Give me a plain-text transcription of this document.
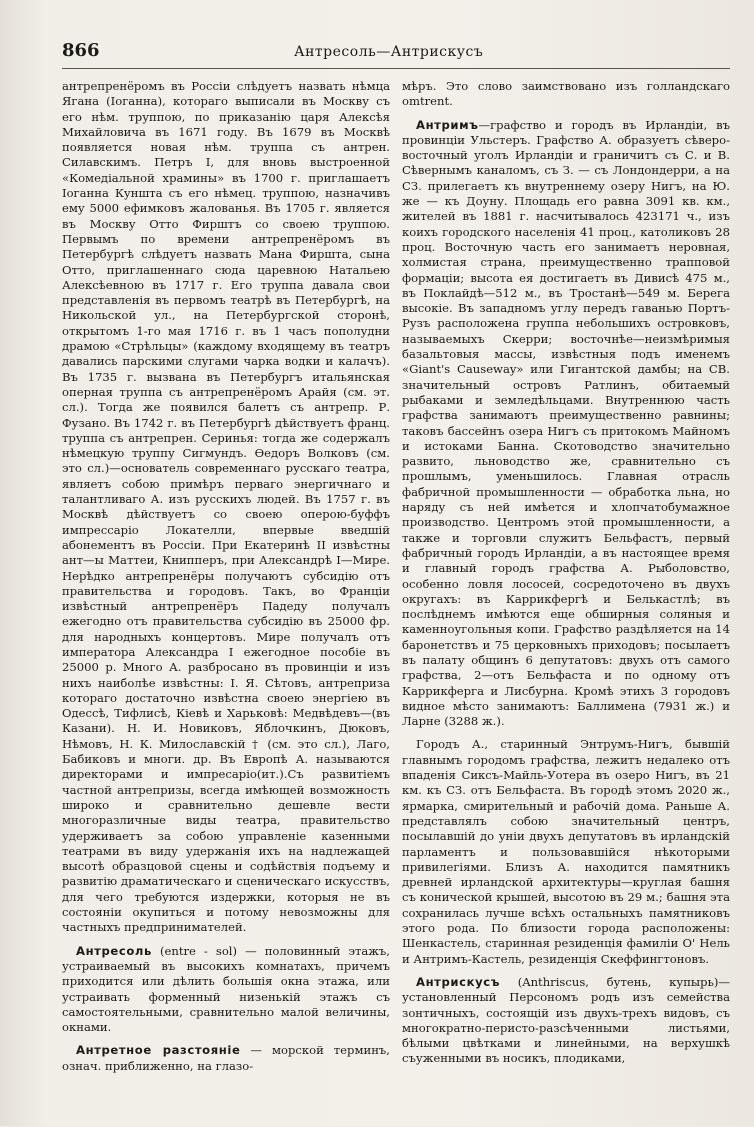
866	Антресоль—Антрискусъ

антрепренёромъ въ Россіи слѣдуетъ назвать нѣмца Ягана (Іоганна), котораго выписали въ Москву съ его нѣм. труппою, по приказанію царя Алексѣя Михайловича въ 1671 году. Въ 1679 въ Москвѣ появляется новая нѣм. труппа съ антрен. Силавскимъ. Петръ I, для вновь выстроенной «Комедіальной храмины» въ 1700 г. приглашаетъ Іоганна Куншта съ его нѣмец. труппою, назначивъ ему 5000 ефимковъ жалованья. Въ 1705 г. является въ Москву Отто Фирштъ со своею труппою. Первымъ по времени антрепренёромъ въ Петербургѣ слѣдуетъ назвать Мана Фирштa, сына Отто, приглашеннаго сюда царевною Натальею Алексѣевною въ 1717 г. Его труппа давала свои представленія въ первомъ театрѣ въ Петербургѣ, на Никольской ул., на Петербургской сторонѣ, открытомъ 1-го мая 1716 г. въ 1 часъ пополудни драмою «Стрѣльцы» (каждому входящему въ театръ давались парскими слугами чарка водки и калачъ). Въ 1735 г. вызвана въ Петербургъ итальянская оперная труппа съ антрепренёромъ Арайя (см. эт. сл.). Тогда же появился балетъ съ антрепр. Р. Фузано. Въ 1742 г. въ Петербургѣ дѣйствуетъ франц. труппа съ антрепрен. Серинья: тогда же содержалъ нѣмецкую труппу Сигмундъ. Ѳедоръ Волковъ (см. это сл.)—основатель современнаго русскаго театра, являетъ собою примѣръ перваго энергичнаго и талантливаго А. изъ русскихъ людей. Въ 1757 г. въ Москвѣ дѣйствуетъ со своею оперою-буффъ импрессаріо Локателли, впервые введшій абонементъ въ Россіи. При Екатеринѣ II извѣстны ант—ы Маттеи, Книпперъ, при Александрѣ I—Мире. Нерѣдко антрепренёры получаютъ субсидію отъ правительства и городовъ. Такъ, во Франціи извѣстный антрепренёръ Падеду получалъ ежегодно отъ правительства субсидію въ 25000 фр. для народныхъ концертовъ. Мире получалъ отъ императора Александра I ежегодное пособіе въ 25000 р. Много А. разбросано въ провинціи и изъ нихъ наиболѣе извѣстны: I. Я. Сѣтовъ, антреприза котораго достаточно извѣстна своею энергіею въ Одессѣ, Тифлисѣ, Кіевѣ и Харьковѣ: Медвѣдевъ—(въ Казани). Н. И. Новиковъ, Яблочкинъ, Дюковъ, Нѣмовъ, Н. К. Милославскій † (см. это сл.), Лаго, Бабиковъ и многи. др. Въ Европѣ А. называются директорами и импресаріо(ит.).Съ развитіемъ частной антрепризы, всегда имѣющей возможность широко и сравнительно дешевле вести многоразличные виды театра, правительство удерживаетъ за собою управленіе казенными театрами въ виду удержанія ихъ на надлежащей высотѣ образцовой сцены и содѣйствія подъему и развитію драматическаго и сценическаго искусствъ, для чего требуются издержки, которыя не въ состояніи окупиться и потому невозможны для частныхъ предпринимателей.

Антресоль (entre - sol) — половинный этажъ, устраиваемый въ высокихъ комнатахъ, причемъ приходится или дѣлить большія окна этажа, или устраивать форменный низенькій этажъ съ самостоятельными, сравнительно малой величины, окнами.

Антретное разстояніе — морской терминъ, означ. приближенно, на глазо-

мѣръ. Это слово заимствовано изъ голландскаго omtrent.

Антримъ—графство и городъ въ Ирландіи, въ провинціи Ульстеръ. Графство А. образуетъ сѣверо-восточный уголъ Ирландіи и граничитъ съ С. и В. Сѣвернымъ каналомъ, съ З. — съ Лондондерри, а на СЗ. прилегаетъ къ внутреннему озеру Нигъ, на Ю. же — къ Доуну. Площадь его равна 3091 кв. км., жителей въ 1881 г. насчитывалось 423171 ч., изъ коихъ городского населенія 41 проц., католиковъ 28 проц. Восточную часть его занимаетъ неровная, холмистая страна, преимущественно трапповой формаціи; высота ея достигаетъ въ Дивисѣ 475 м., въ Поклайдѣ—512 м., въ Тростанѣ—549 м. Берега высокіе. Въ западномъ углу передъ гаванью Портъ-Рузъ расположена группа небольшихъ островковъ, называемыхъ Скерри; восточнѣе—неизмѣримыя базальтовыя массы, извѣстныя подъ именемъ «Giant's Causeway» или Гигантской дамбы; на СВ. значительный островъ Ратлинъ, обитаемый рыбаками и земледѣльцами. Внутреннюю часть графства занимаютъ преимущественно равнины; таковъ бассейнъ озера Нигъ съ притокомъ Майномъ и истоками Банна. Скотоводство значительно развито, льноводство же, сравнительно съ прошлымъ, уменьшилось. Главная отрасль фабричной промышленности — обработка льна, но наряду съ ней имѣется и хлопчатобумажное производство. Центромъ этой промышленности, а также и торговли служитъ Бельфастъ, первый фабричный городъ Ирландіи, а въ настоящее время и главный городъ графства А. Рыболовство, особенно ловля лососей, сосредоточено въ двухъ округахъ: въ Каррикфергѣ и Белькастлѣ; въ послѣднемъ имѣются еще обширныя соляныя и каменноугольныя копи. Графство раздѣляется на 14 баронетствъ и 75 церковныхъ приходовъ; посылаетъ въ палату общинъ 6 депутатовъ: двухъ отъ самого графства, 2—отъ Бельфаста и по одному отъ Каррикферга и Лисбурна. Кромѣ этихъ 3 городовъ видное мѣсто занимаютъ: Баллимена (7931 ж.) и Ларне (3288 ж.).

Городъ А., старинный Энтрумъ-Нигъ, бывшій главнымъ городомъ графства, лежитъ недалеко отъ впаденія Сиксъ-Майль-Уотера въ озеро Нигъ, въ 21 км. къ СЗ. отъ Бельфаста. Въ городѣ этомъ 2020 ж., ярмарка, смирительный и рабочій дома. Раньше А. представлялъ собою значительный центръ, посылавшій до уніи двухъ депутатовъ въ ирландскій парламентъ и пользовавшійся нѣкоторыми привилегіями. Близъ А. находится памятникъ древней ирландской архитектуры—круглая башня съ конической крышей, высотою въ 29 м.; башня эта сохранилась лучше всѣхъ остальныхъ памятниковъ этого рода. По близости города расположены: Шенкастель, старинная резиденція фамиліи О' Нель и Антримъ-Кастель, резиденція Скеффингтоновъ.

Антрискусъ (Anthriscus, бутень, купырь)—установленный Персономъ родъ изъ семейства зонтичныхъ, состоящій изъ двухъ-трехъ видовъ, съ многократно-перисто-разсѣченными листьями, бѣлыми цвѣтками и линейными, на верхушкѣ съуженными въ носикъ, плодиками,
